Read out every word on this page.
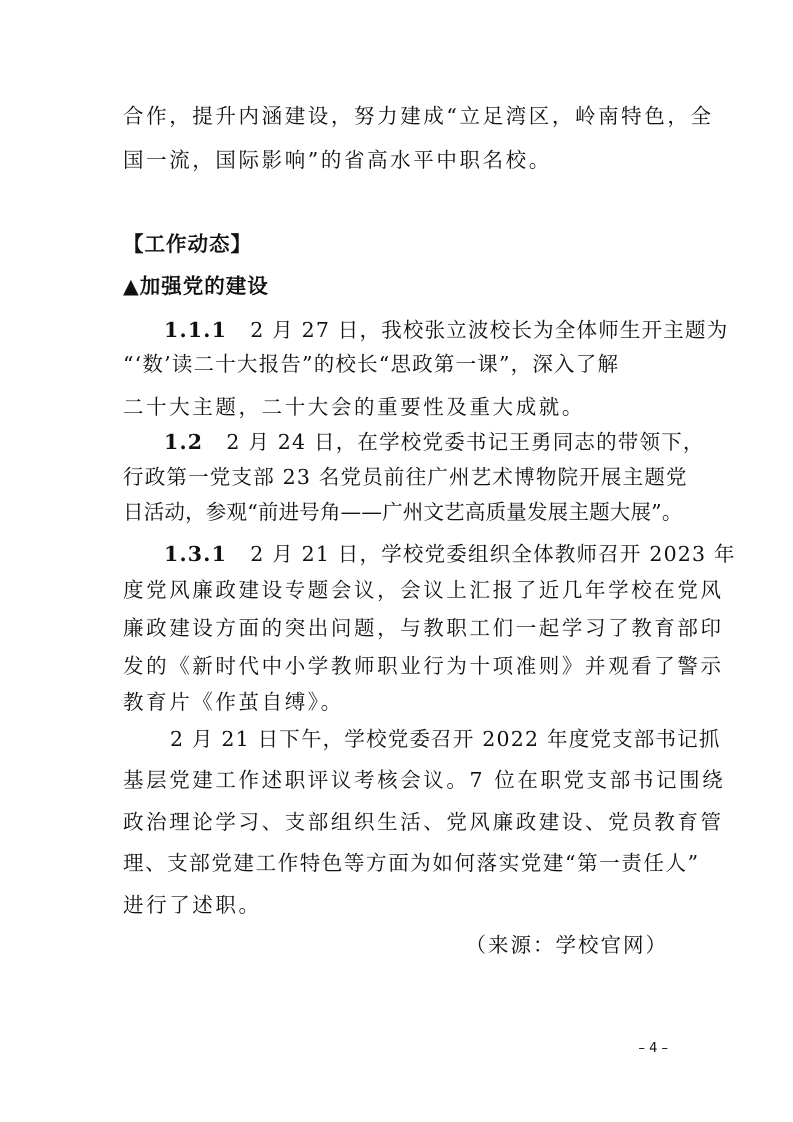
合作，提升内涵建设，努力建成“立足湾区，岭南特色，全
国一流，国际影响”的省高水平中职名校。
【工作动态】
▲加强党的建设
1.1.1 2 月 27 日，我校张立波校长为全体师生开主题为
“‘数’读二十大报告”的校长“思政第一课”，深入了解
二十大主题，二十大会的重要性及重大成就。
1.2 2 月 24 日，在学校党委书记王勇同志的带领下，
行政第一党支部 23 名党员前往广州艺术博物院开展主题党
日活动，参观“前进号角——广州文艺高质量发展主题大展”。
1.3.1 2 月 21 日，学校党委组织全体教师召开 2023 年
度党风廉政建设专题会议，会议上汇报了近几年学校在党风
廉政建设方面的突出问题，与教职工们一起学习了教育部印
发的《新时代中小学教师职业行为十项准则》并观看了警示
教育片《作茧自缚》。
2 月 21 日下午，学校党委召开 2022 年度党支部书记抓
基层党建工作述职评议考核会议。7 位在职党支部书记围绕
政治理论学习、支部组织生活、党风廉政建设、党员教育管
理、支部党建工作特色等方面为如何落实党建“第一责任人”
进行了述职。
（来源：学校官网）
– 4 –
